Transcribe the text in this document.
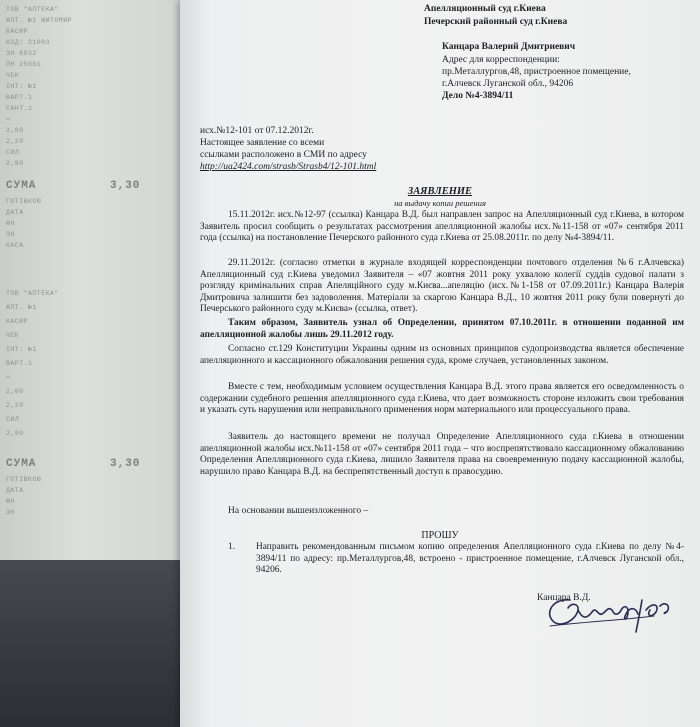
ТОВ "АПТЕКА"
АПТ. №1 ЖИТОМИР
КАСИР
КОД: 21003
ЗН 6032
ПН 25061
ЧЕК
ІНТ: №1
ВАРТ.1
САНТ.1
=
2,00
2,20
СИЛ
2,90
СУМА	3,30
ГОТІВКОЮ
ДАТА
ФН
ЗН
КАСА
ТОВ "АПТЕКА"
АПТ. №1
КАСИР
ЧЕК
ІНТ: №1
ВАРТ.1
=
2,00
2,20
СИЛ
2,90
СУМА	3,30
ГОТІВКОЮ
ДАТА
ФН
ЗН
Апелляционный суд г.Киева
Печерский районный суд г.Киева
Канцара Валерий Дмитриевич
Адрес для корреспонденции:
пр.Металлургов,48, пристроенное помещение,
г.Алчевск Луганской обл., 94206
Дело №4-3894/11
исх.№12-101 от 07.12.2012г.
Настоящее заявление со всеми
ссылками расположено в СМИ по адресу
http://ua2424.com/strasb/Strasb4/12-101.html
ЗАЯВЛЕНИЕ
на выдачу копии решения
15.11.2012г. исх.№12-97 (ссылка) Канцара В.Д. был направлен запрос на Апелляционный суд г.Киева, в котором Заявитель просил сообщить о результатах рассмотрения апелляционной жалобы исх.№11-158 от «07» сентября 2011 года (ссылка) на постановление Печерского районного суда г.Киева от 25.08.2011г. по делу №4-3894/11.
29.11.2012г. (согласно отметки в журнале входящей корреспонденции почтового отделения №6 г.Алчевска) Апелляционный суд г.Киева уведомил Заявителя – «07 жовтня 2011 року ухвалою колегії суддів судової палати з розгляду кримінальних справ Апеляційного суду м.Києва...апеляцію (исх.№1-158 от 07.09.2011г.) Канцара Валерія Дмитровича залишити без задоволення. Матеріали за скаргою Канцара В.Д., 10 жовтня 2011 року були повернуті до Печерського районного суду м.Києва» (ссылка, ответ).
Таким образом, Заявитель узнал об Определении, принятом 07.10.2011г. в отношении поданной им апелляционной жалобы лишь 29.11.2012 году.
Согласно ст.129 Конституции Украины одним из основных принципов судопроизводства является обеспечение апелляционного и кассационного обжалования решения суда, кроме случаев, установленных законом.
Вместе с тем, необходимым условием осуществления Канцара В.Д. этого права является его осведомленность о содержании судебного решения апелляционного суда г.Киева, что дает возможность стороне изложить свои требования и указать суть нарушения или неправильного применения норм материального или процессуального права.
Заявитель до настоящего времени не получал Определение Апелляционного суда г.Киева в отношении апелляционной жалобы исх.№11-158 от «07» сентября 2011 года – что воспрепятствовало кассационному обжалованию Определения Апелляционного суда г.Киева, лишило Заявителя права на своевременную подачу кассационной жалобы, нарушило право Канцара В.Д. на беспрепятственный доступ к правосудию.
На основании вышеизложенного –
ПРОШУ
1. Направить рекомендованным письмом копию определения Апелляционного суда г.Киева по делу №4-3894/11 по адресу: пр.Металлургов,48, встроено - пристроенное помещение, г.Алчевск Луганской обл., 94206.
Канцара В.Д.
